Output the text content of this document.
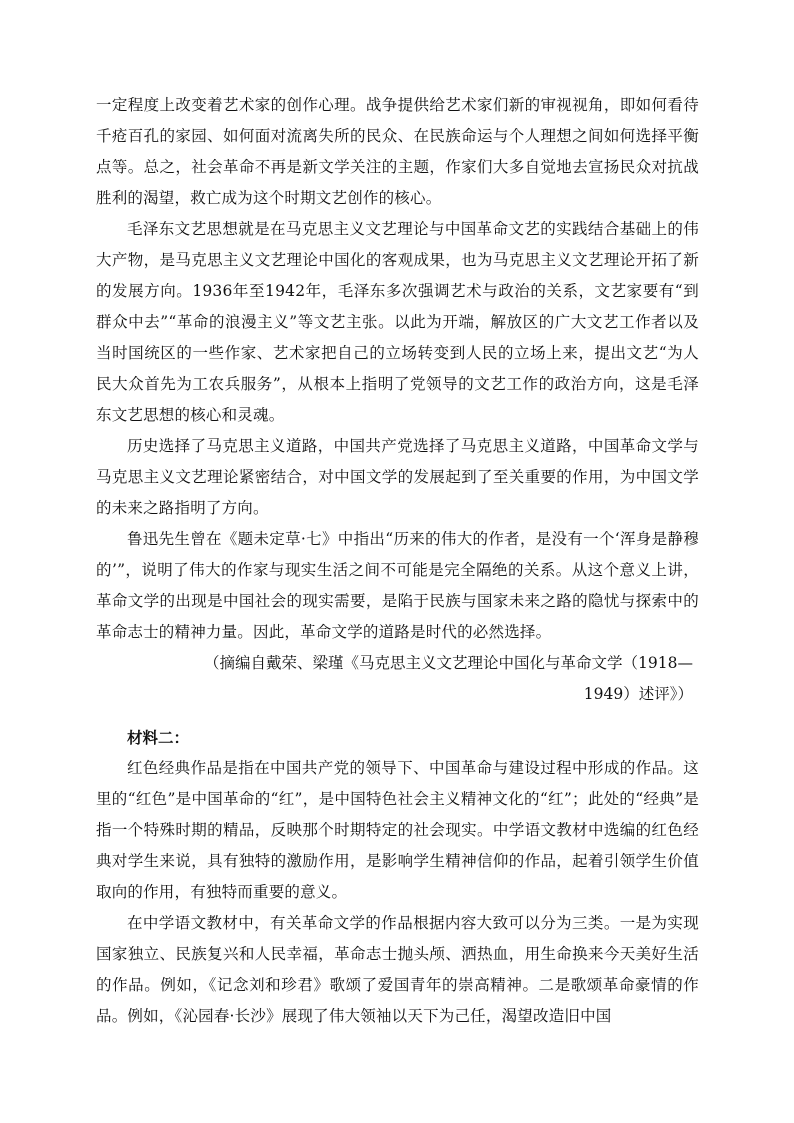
一定程度上改变着艺术家的创作心理。战争提供给艺术家们新的审视视角，即如何看待千疮百孔的家园、如何面对流离失所的民众、在民族命运与个人理想之间如何选择平衡点等。总之，社会革命不再是新文学关注的主题，作家们大多自觉地去宣扬民众对抗战胜利的渴望，救亡成为这个时期文艺创作的核心。

毛泽东文艺思想就是在马克思主义文艺理论与中国革命文艺的实践结合基础上的伟大产物，是马克思主义文艺理论中国化的客观成果，也为马克思主义文艺理论开拓了新的发展方向。1936年至1942年，毛泽东多次强调艺术与政治的关系，文艺家要有“到群众中去”“革命的浪漫主义”等文艺主张。以此为开端，解放区的广大文艺工作者以及当时国统区的一些作家、艺术家把自己的立场转变到人民的立场上来，提出文艺“为人民大众首先为工农兵服务”，从根本上指明了党领导的文艺工作的政治方向，这是毛泽东文艺思想的核心和灵魂。

历史选择了马克思主义道路，中国共产党选择了马克思主义道路，中国革命文学与马克思主义文艺理论紧密结合，对中国文学的发展起到了至关重要的作用，为中国文学的未来之路指明了方向。

鲁迅先生曾在《题未定草·七》中指出“历来的伟大的作者，是没有一个‘浑身是静穆的’”，说明了伟大的作家与现实生活之间不可能是完全隔绝的关系。从这个意义上讲，革命文学的出现是中国社会的现实需要，是陷于民族与国家未来之路的隐忧与探索中的革命志士的精神力量。因此，革命文学的道路是时代的必然选择。

（摘编自戴荣、梁瑾《马克思主义文艺理论中国化与革命文学（1918—

1949）述评》）

材料二：

红色经典作品是指在中国共产党的领导下、中国革命与建设过程中形成的作品。这里的“红色”是中国革命的“红”，是中国特色社会主义精神文化的“红”；此处的“经典”是指一个特殊时期的精品，反映那个时期特定的社会现实。中学语文教材中选编的红色经典对学生来说，具有独特的激励作用，是影响学生精神信仰的作品，起着引领学生价值取向的作用，有独特而重要的意义。

在中学语文教材中，有关革命文学的作品根据内容大致可以分为三类。一是为实现国家独立、民族复兴和人民幸福，革命志士抛头颅、洒热血，用生命换来今天美好生活的作品。例如，《记念刘和珍君》歌颂了爱国青年的崇高精神。二是歌颂革命豪情的作品。例如，《沁园春·长沙》展现了伟大领袖以天下为己任，渴望改造旧中国
